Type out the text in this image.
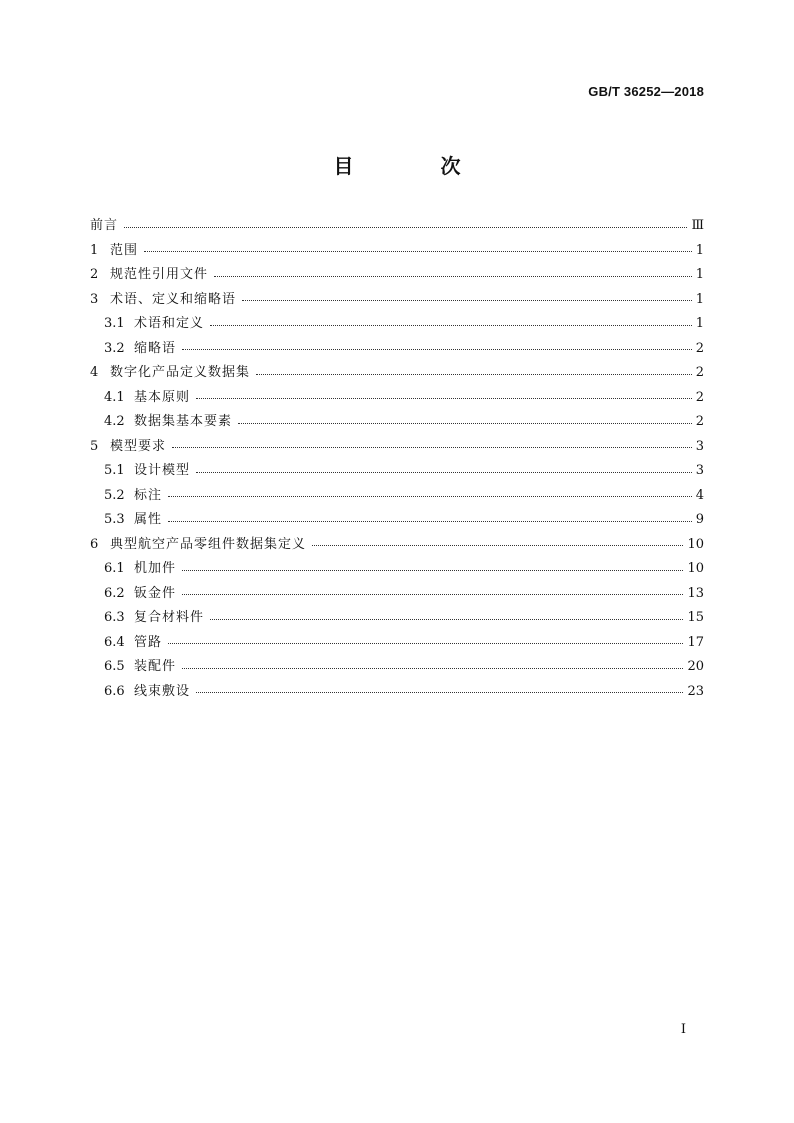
GB/T 36252—2018
目 次
前言	Ⅲ
1 范围	1
2 规范性引用文件	1
3 术语、定义和缩略语	1
3.1 术语和定义	1
3.2 缩略语	2
4 数字化产品定义数据集	2
4.1 基本原则	2
4.2 数据集基本要素	2
5 模型要求	3
5.1 设计模型	3
5.2 标注	4
5.3 属性	9
6 典型航空产品零组件数据集定义	10
6.1 机加件	10
6.2 钣金件	13
6.3 复合材料件	15
6.4 管路	17
6.5 装配件	20
6.6 线束敷设	23
Ⅰ
